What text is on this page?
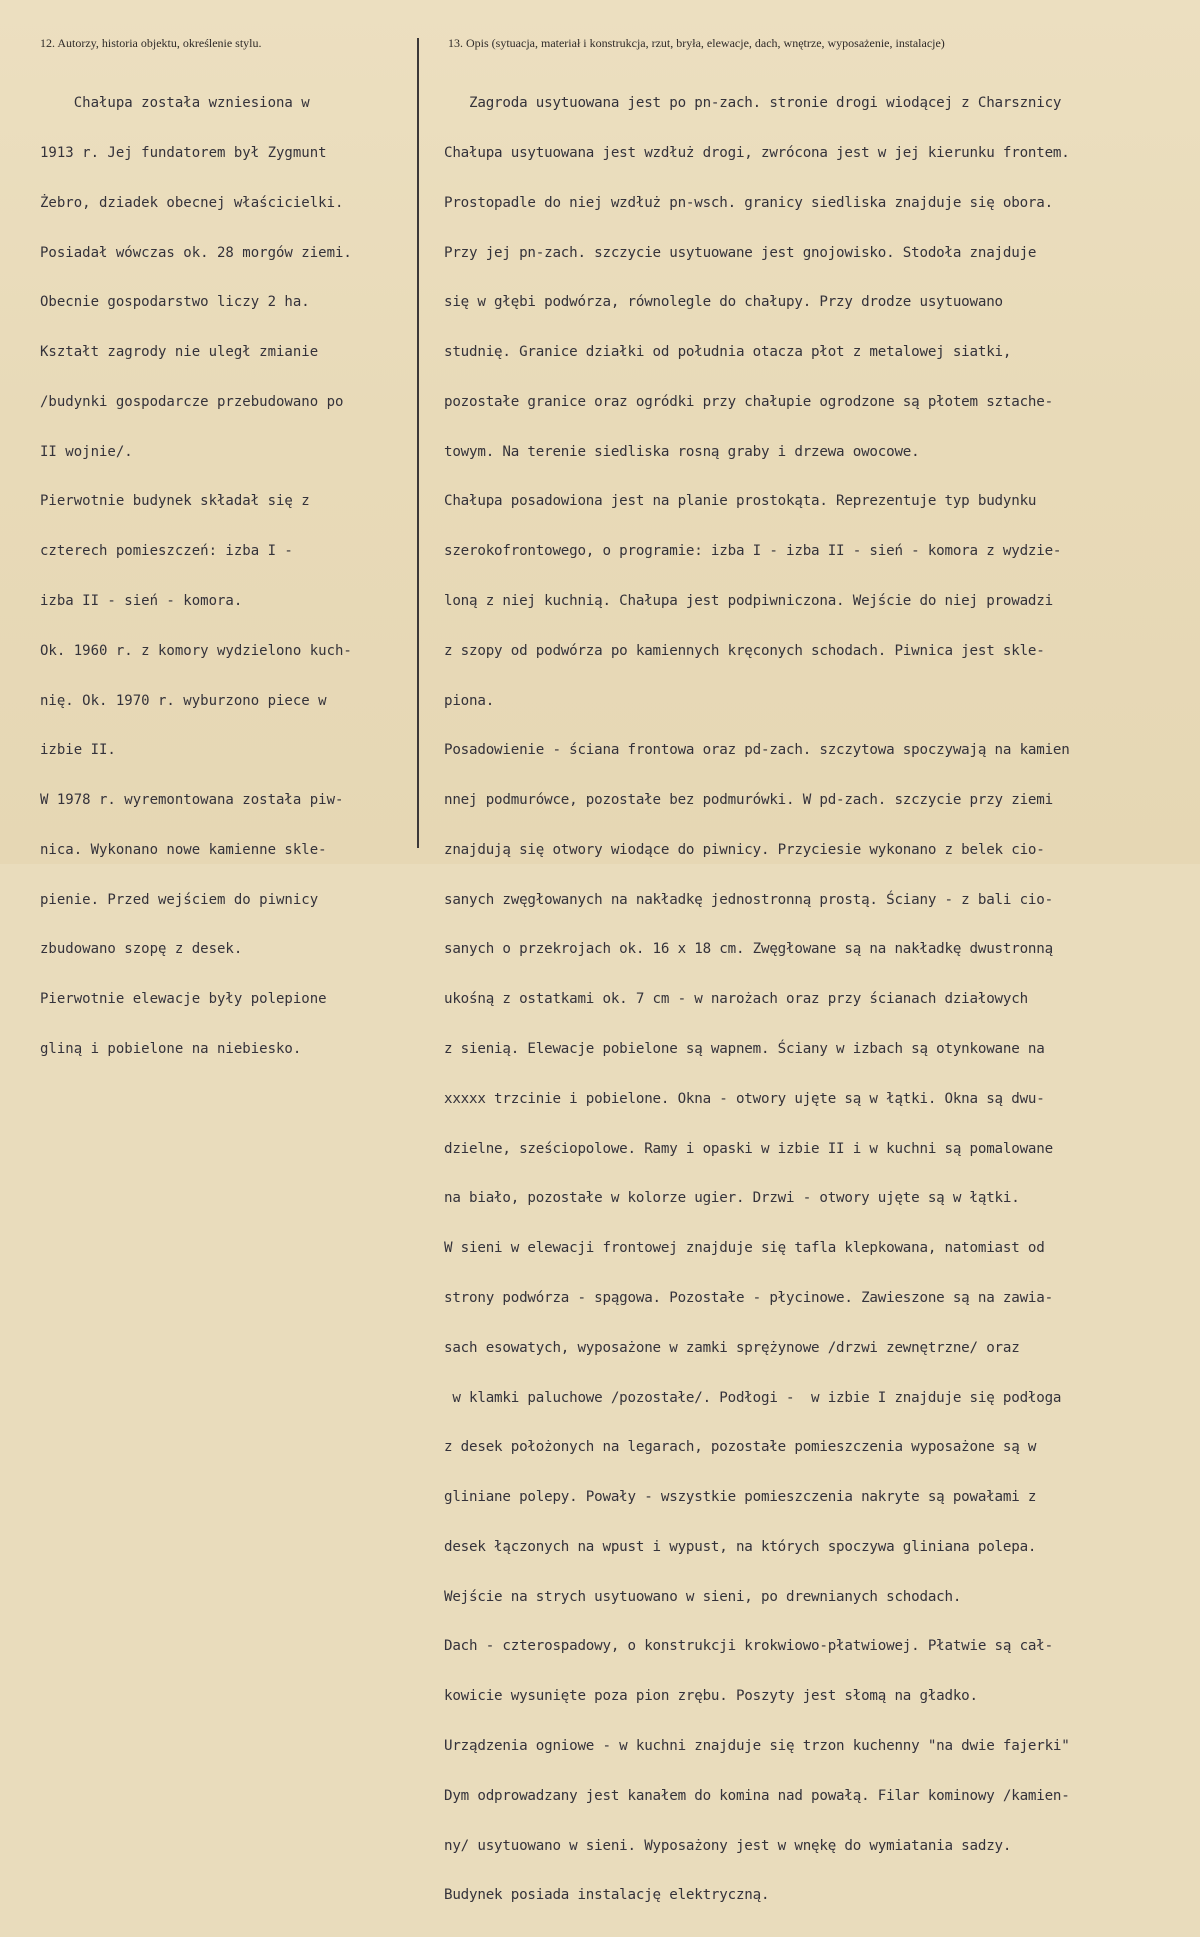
12. Autorzy, historia objektu, określenie stylu.	13. Opis (sytuacja, materiał i konstrukcja, rzut, bryła, elewacje, dach, wnętrze, wyposażenie, instalacje)

Chałupa została wzniesiona w

1913 r. Jej fundatorem był Zygmunt

Żebro, dziadek obecnej właścicielki.

Posiadał wówczas ok. 28 morgów ziemi.

Obecnie gospodarstwo liczy 2 ha.

Kształt zagrody nie uległ zmianie

/budynki gospodarcze przebudowano po

II wojnie/.

Pierwotnie budynek składał się z

czterech pomieszczeń: izba I -

izba II - sień - komora.

Ok. 1960 r. z komory wydzielono kuch-

nię. Ok. 1970 r. wyburzono piece w

izbie II.

W 1978 r. wyremontowana została piw-

nica. Wykonano nowe kamienne skle-

pienie. Przed wejściem do piwnicy

zbudowano szopę z desek.

Pierwotnie elewacje były polepione

gliną i pobielone na niebiesko.

Zagroda usytuowana jest po pn-zach. stronie drogi wiodącej z Charsznicy

Chałupa usytuowana jest wzdłuż drogi, zwrócona jest w jej kierunku frontem.

Prostopadle do niej wzdłuż pn-wsch. granicy siedliska znajduje się obora.

Przy jej pn-zach. szczycie usytuowane jest gnojowisko. Stodoła znajduje

się w głębi podwórza, równolegle do chałupy. Przy drodze usytuowano

studnię. Granice działki od południa otacza płot z metalowej siatki,

pozostałe granice oraz ogródki przy chałupie ogrodzone są płotem sztache-

towym. Na terenie siedliska rosną graby i drzewa owocowe.

Chałupa posadowiona jest na planie prostokąta. Reprezentuje typ budynku

szerokofrontowego, o programie: izba I - izba II - sień - komora z wydzie-

loną z niej kuchnią. Chałupa jest podpiwniczona. Wejście do niej prowadzi

z szopy od podwórza po kamiennych kręconych schodach. Piwnica jest skle-

piona.

Posadowienie - ściana frontowa oraz pd-zach. szczytowa spoczywają na kamien

nnej podmurówce, pozostałe bez podmurówki. W pd-zach. szczycie przy ziemi

znajdują się otwory wiodące do piwnicy. Przyciesie wykonano z belek cio-

sanych zwęgłowanych na nakładkę jednostronną prostą. Ściany - z bali cio-

sanych o przekrojach ok. 16 x 18 cm. Zwęgłowane są na nakładkę dwustronną

ukośną z ostatkami ok. 7 cm - w narożach oraz przy ścianach działowych

z sienią. Elewacje pobielone są wapnem. Ściany w izbach są otynkowane na

xxxxx trzcinie i pobielone. Okna - otwory ujęte są w łątki. Okna są dwu-

dzielne, sześciopolowe. Ramy i opaski w izbie II i w kuchni są pomalowane

na biało, pozostałe w kolorze ugier. Drzwi - otwory ujęte są w łątki.

W sieni w elewacji frontowej znajduje się tafla klepkowana, natomiast od

strony podwórza - spągowa. Pozostałe - płycinowe. Zawieszone są na zawia-

sach esowatych, wyposażone w zamki sprężynowe /drzwi zewnętrzne/ oraz

w klamki paluchowe /pozostałe/. Podłogi -  w izbie I znajduje się podłoga

z desek położonych na legarach, pozostałe pomieszczenia wyposażone są w

gliniane polepy. Powały - wszystkie pomieszczenia nakryte są powałami z

desek łączonych na wpust i wypust, na których spoczywa gliniana polepa.

Wejście na strych usytuowano w sieni, po drewnianych schodach.

Dach - czterospadowy, o konstrukcji krokwiowo-płatwiowej. Płatwie są cał-

kowicie wysunięte poza pion zrębu. Poszyty jest słomą na gładko.

Urządzenia ogniowe - w kuchni znajduje się trzon kuchenny "na dwie fajerki"

Dym odprowadzany jest kanałem do komina nad powałą. Filar kominowy /kamien-

ny/ usytuowano w sieni. Wyposażony jest w wnękę do wymiatania sadzy.

Budynek posiada instalację elektryczną.
